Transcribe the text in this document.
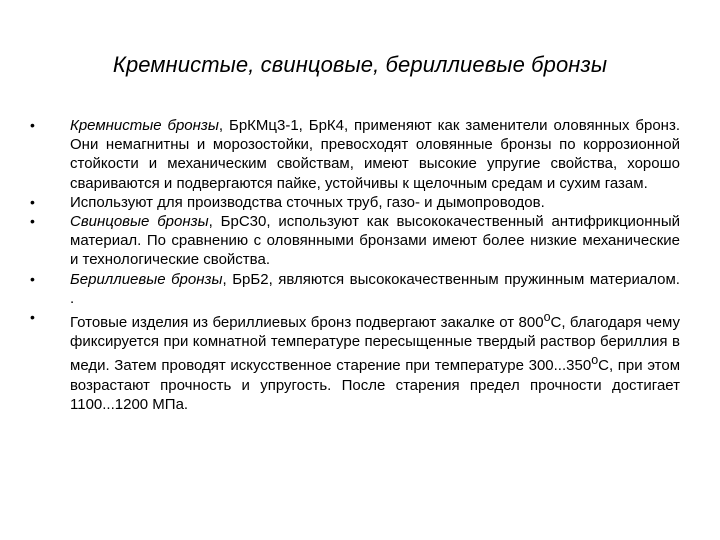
Кремнистые, свинцовые, бериллиевые бронзы
•	Кремнистые бронзы, БрКМц3-1, БрК4, применяют как заменители оловянных бронз. Они немагнитны и морозостойки, превосходят оловянные бронзы по коррозионной стойкости и механическим свойствам, имеют высокие упругие свойства, хорошо свариваются и подвергаются пайке, устойчивы к щелочным средам и сухим газам.
•	Используют для производства сточных труб, газо- и дымопроводов.
•	Свинцовые бронзы, БрС30, используют как высококачественный антифрикционный материал. По сравнению с оловянными бронзами имеют более низкие механические и технологические свойства.
•	Бериллиевые бронзы, БрБ2, являются высококачественным пружинным материалом. .
•	Готовые изделия из бериллиевых бронз подвергают закалке от 800$^o$С, благодаря чему фиксируется при комнатной температуре пересыщенные твердый раствор бериллия в меди. Затем проводят искусственное старение при температуре 300...350$^o$С, при этом возрастают прочность и упругость. После старения предел прочности достигает 1100...1200 МПа.
